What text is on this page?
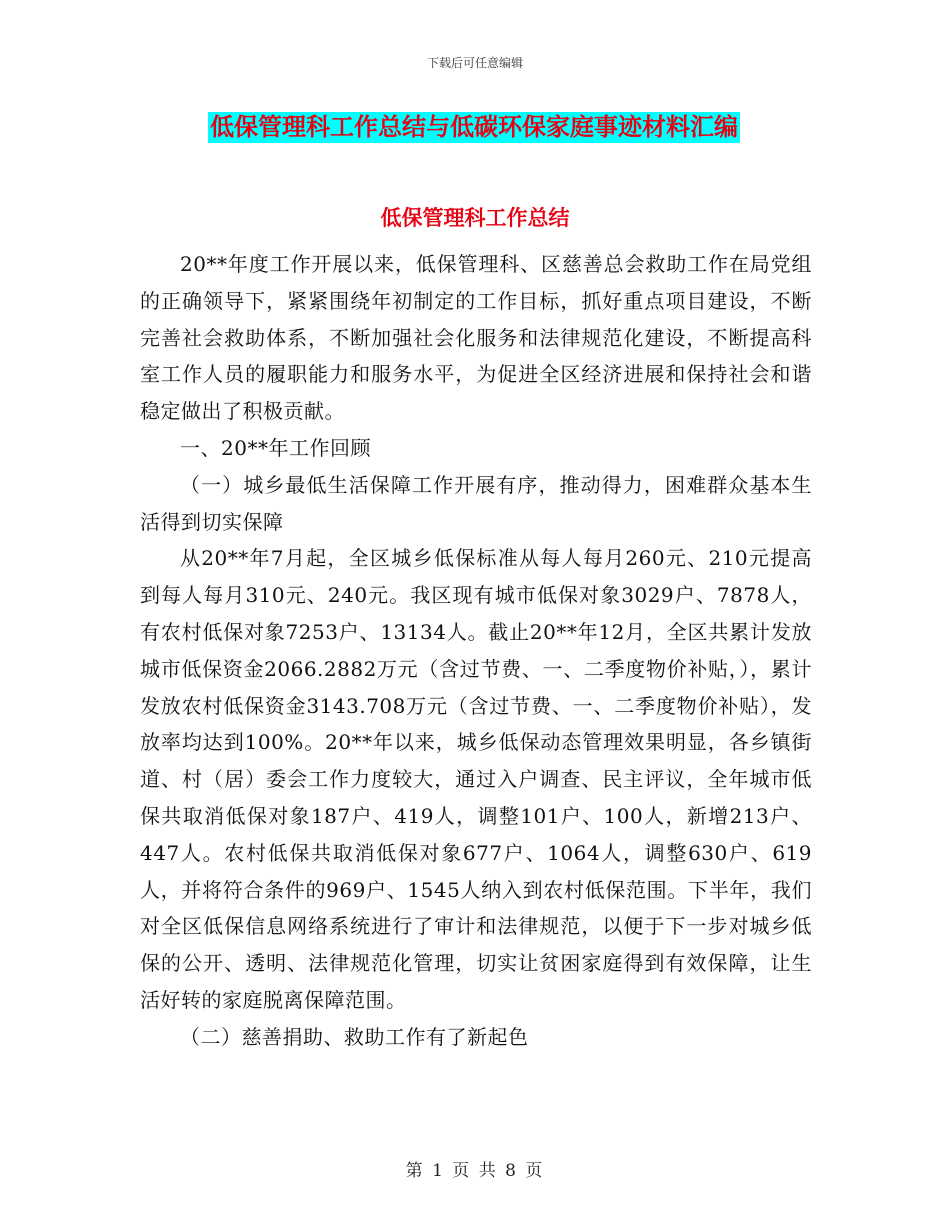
下载后可任意编辑
低保管理科工作总结与低碳环保家庭事迹材料汇编
低保管理科工作总结

20**年度工作开展以来，低保管理科、区慈善总会救助工作在局党组的正确领导下，紧紧围绕年初制定的工作目标，抓好重点项目建设，不断完善社会救助体系，不断加强社会化服务和法律规范化建设，不断提高科室工作人员的履职能力和服务水平，为促进全区经济进展和保持社会和谐稳定做出了积极贡献。

一、20**年工作回顾

（一）城乡最低生活保障工作开展有序，推动得力，困难群众基本生活得到切实保障

从20**年7月起，全区城乡低保标准从每人每月260元、210元提高到每人每月310元、240元。我区现有城市低保对象3029户、7878人，有农村低保对象7253户、13134人。截止20**年12月，全区共累计发放城市低保资金2066.2882万元（含过节费、一、二季度物价补贴，），累计发放农村低保资金3143.708万元（含过节费、一、二季度物价补贴），发放率均达到100%。20**年以来，城乡低保动态管理效果明显，各乡镇街道、村（居）委会工作力度较大，通过入户调查、民主评议，全年城市低保共取消低保对象187户、419人，调整101户、100人，新增213户、447人。农村低保共取消低保对象677户、1064人，调整630户、619人，并将符合条件的969户、1545人纳入到农村低保范围。下半年，我们对全区低保信息网络系统进行了审计和法律规范，以便于下一步对城乡低保的公开、透明、法律规范化管理，切实让贫困家庭得到有效保障，让生活好转的家庭脱离保障范围。

（二）慈善捐助、救助工作有了新起色

第 1 页 共 8 页
